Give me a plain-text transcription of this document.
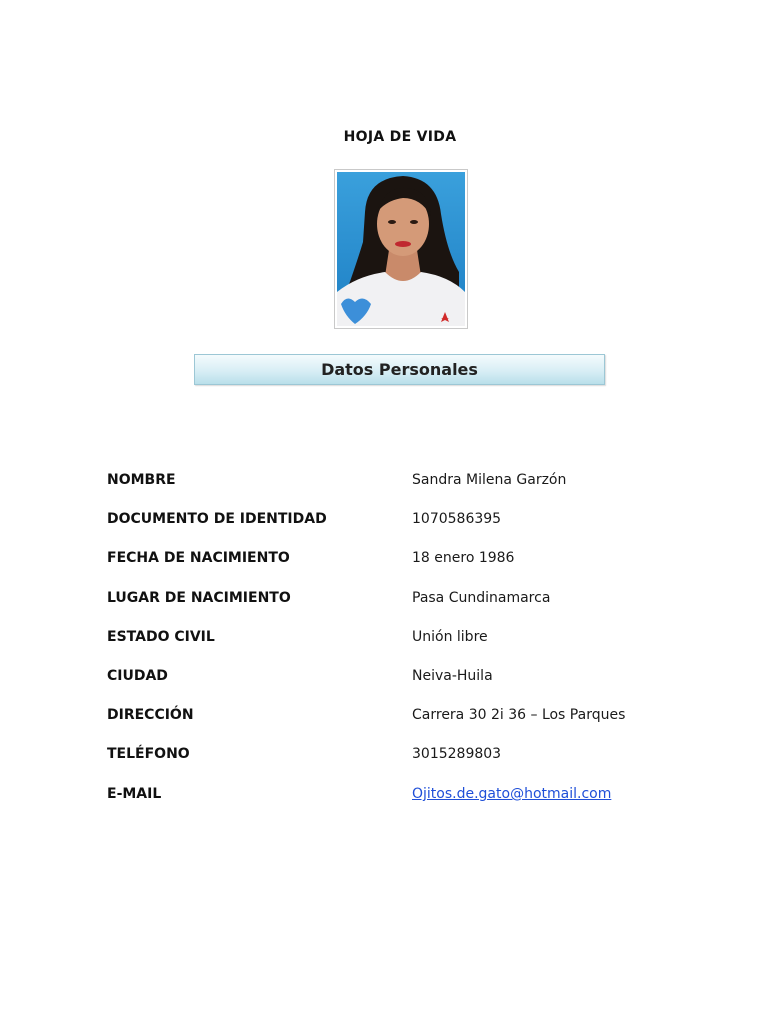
HOJA DE VIDA
Datos Personales
NOMBRE	Sandra Milena Garzón
DOCUMENTO DE IDENTIDAD	1070586395
FECHA DE NACIMIENTO	18 enero 1986
LUGAR DE NACIMIENTO	Pasa Cundinamarca
ESTADO CIVIL	Unión libre
CIUDAD	Neiva-Huila
DIRECCIÓN	Carrera 30 2i 36 – Los Parques
TELÉFONO	3015289803
E-MAIL	Ojitos.de.gato@hotmail.com
